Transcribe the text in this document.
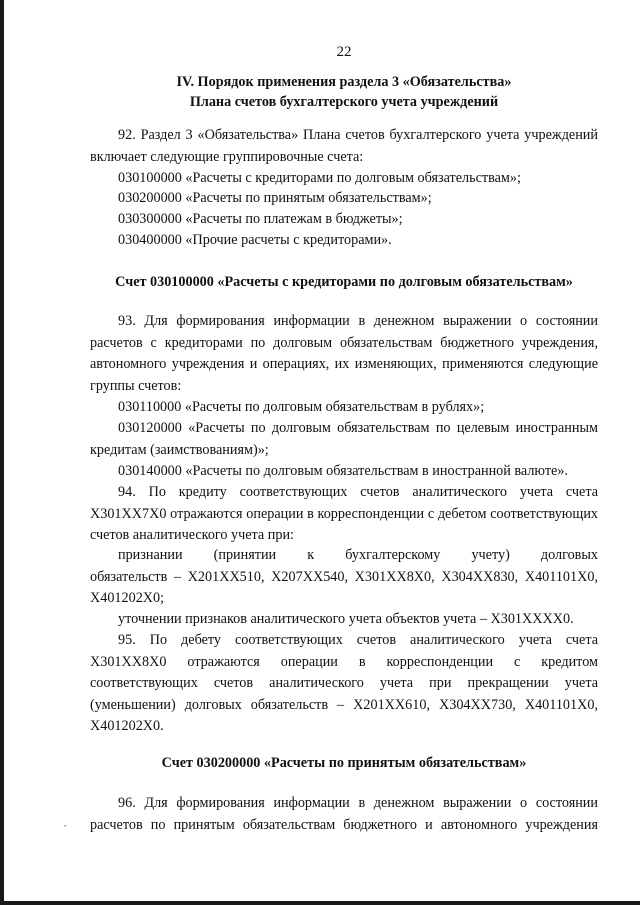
·
22
IV. Порядок применения раздела 3 «Обязательства»
Плана счетов бухгалтерского учета учреждений
92. Раздел 3 «Обязательства» Плана счетов бухгалтерского учета учреждений
включает следующие группировочные счета:
030100000 «Расчеты с кредиторами по долговым обязательствам»;
030200000 «Расчеты по принятым обязательствам»;
030300000 «Расчеты по платежам в бюджеты»;
030400000 «Прочие расчеты с кредиторами».
Счет 030100000 «Расчеты с кредиторами по долговым обязательствам»
93. Для формирования информации в денежном выражении о состоянии
расчетов с кредиторами по долговым обязательствам бюджетного учреждения,
автономного учреждения и операциях, их изменяющих, применяются следующие
группы счетов:
030110000 «Расчеты по долговым обязательствам в рублях»;
030120000 «Расчеты по долговым обязательствам по целевым иностранным
кредитам (заимствованиям)»;
030140000 «Расчеты по долговым обязательствам в иностранной валюте».
94. По кредиту соответствующих счетов аналитического учета счета
Х301ХХ7Х0 отражаются операции в корреспонденции с дебетом соответствующих
счетов аналитического учета при:
признании (принятии к бухгалтерскому учету) долговых
обязательств – Х201ХХ510, Х207ХХ540, Х301ХХ8Х0, Х304ХХ830, Х401101Х0,
Х401202Х0;
уточнении признаков аналитического учета объектов учета – Х301ХХХХ0.
95. По дебету соответствующих счетов аналитического учета счета
Х301ХХ8Х0 отражаются операции в корреспонденции с кредитом
соответствующих счетов аналитического учета при прекращении учета
(уменьшении) долговых обязательств – Х201ХХ610, Х304ХХ730, Х401101Х0,
Х401202Х0.
Счет 030200000 «Расчеты по принятым обязательствам»
96. Для формирования информации в денежном выражении о состоянии
расчетов по принятым обязательствам бюджетного и автономного учреждения
